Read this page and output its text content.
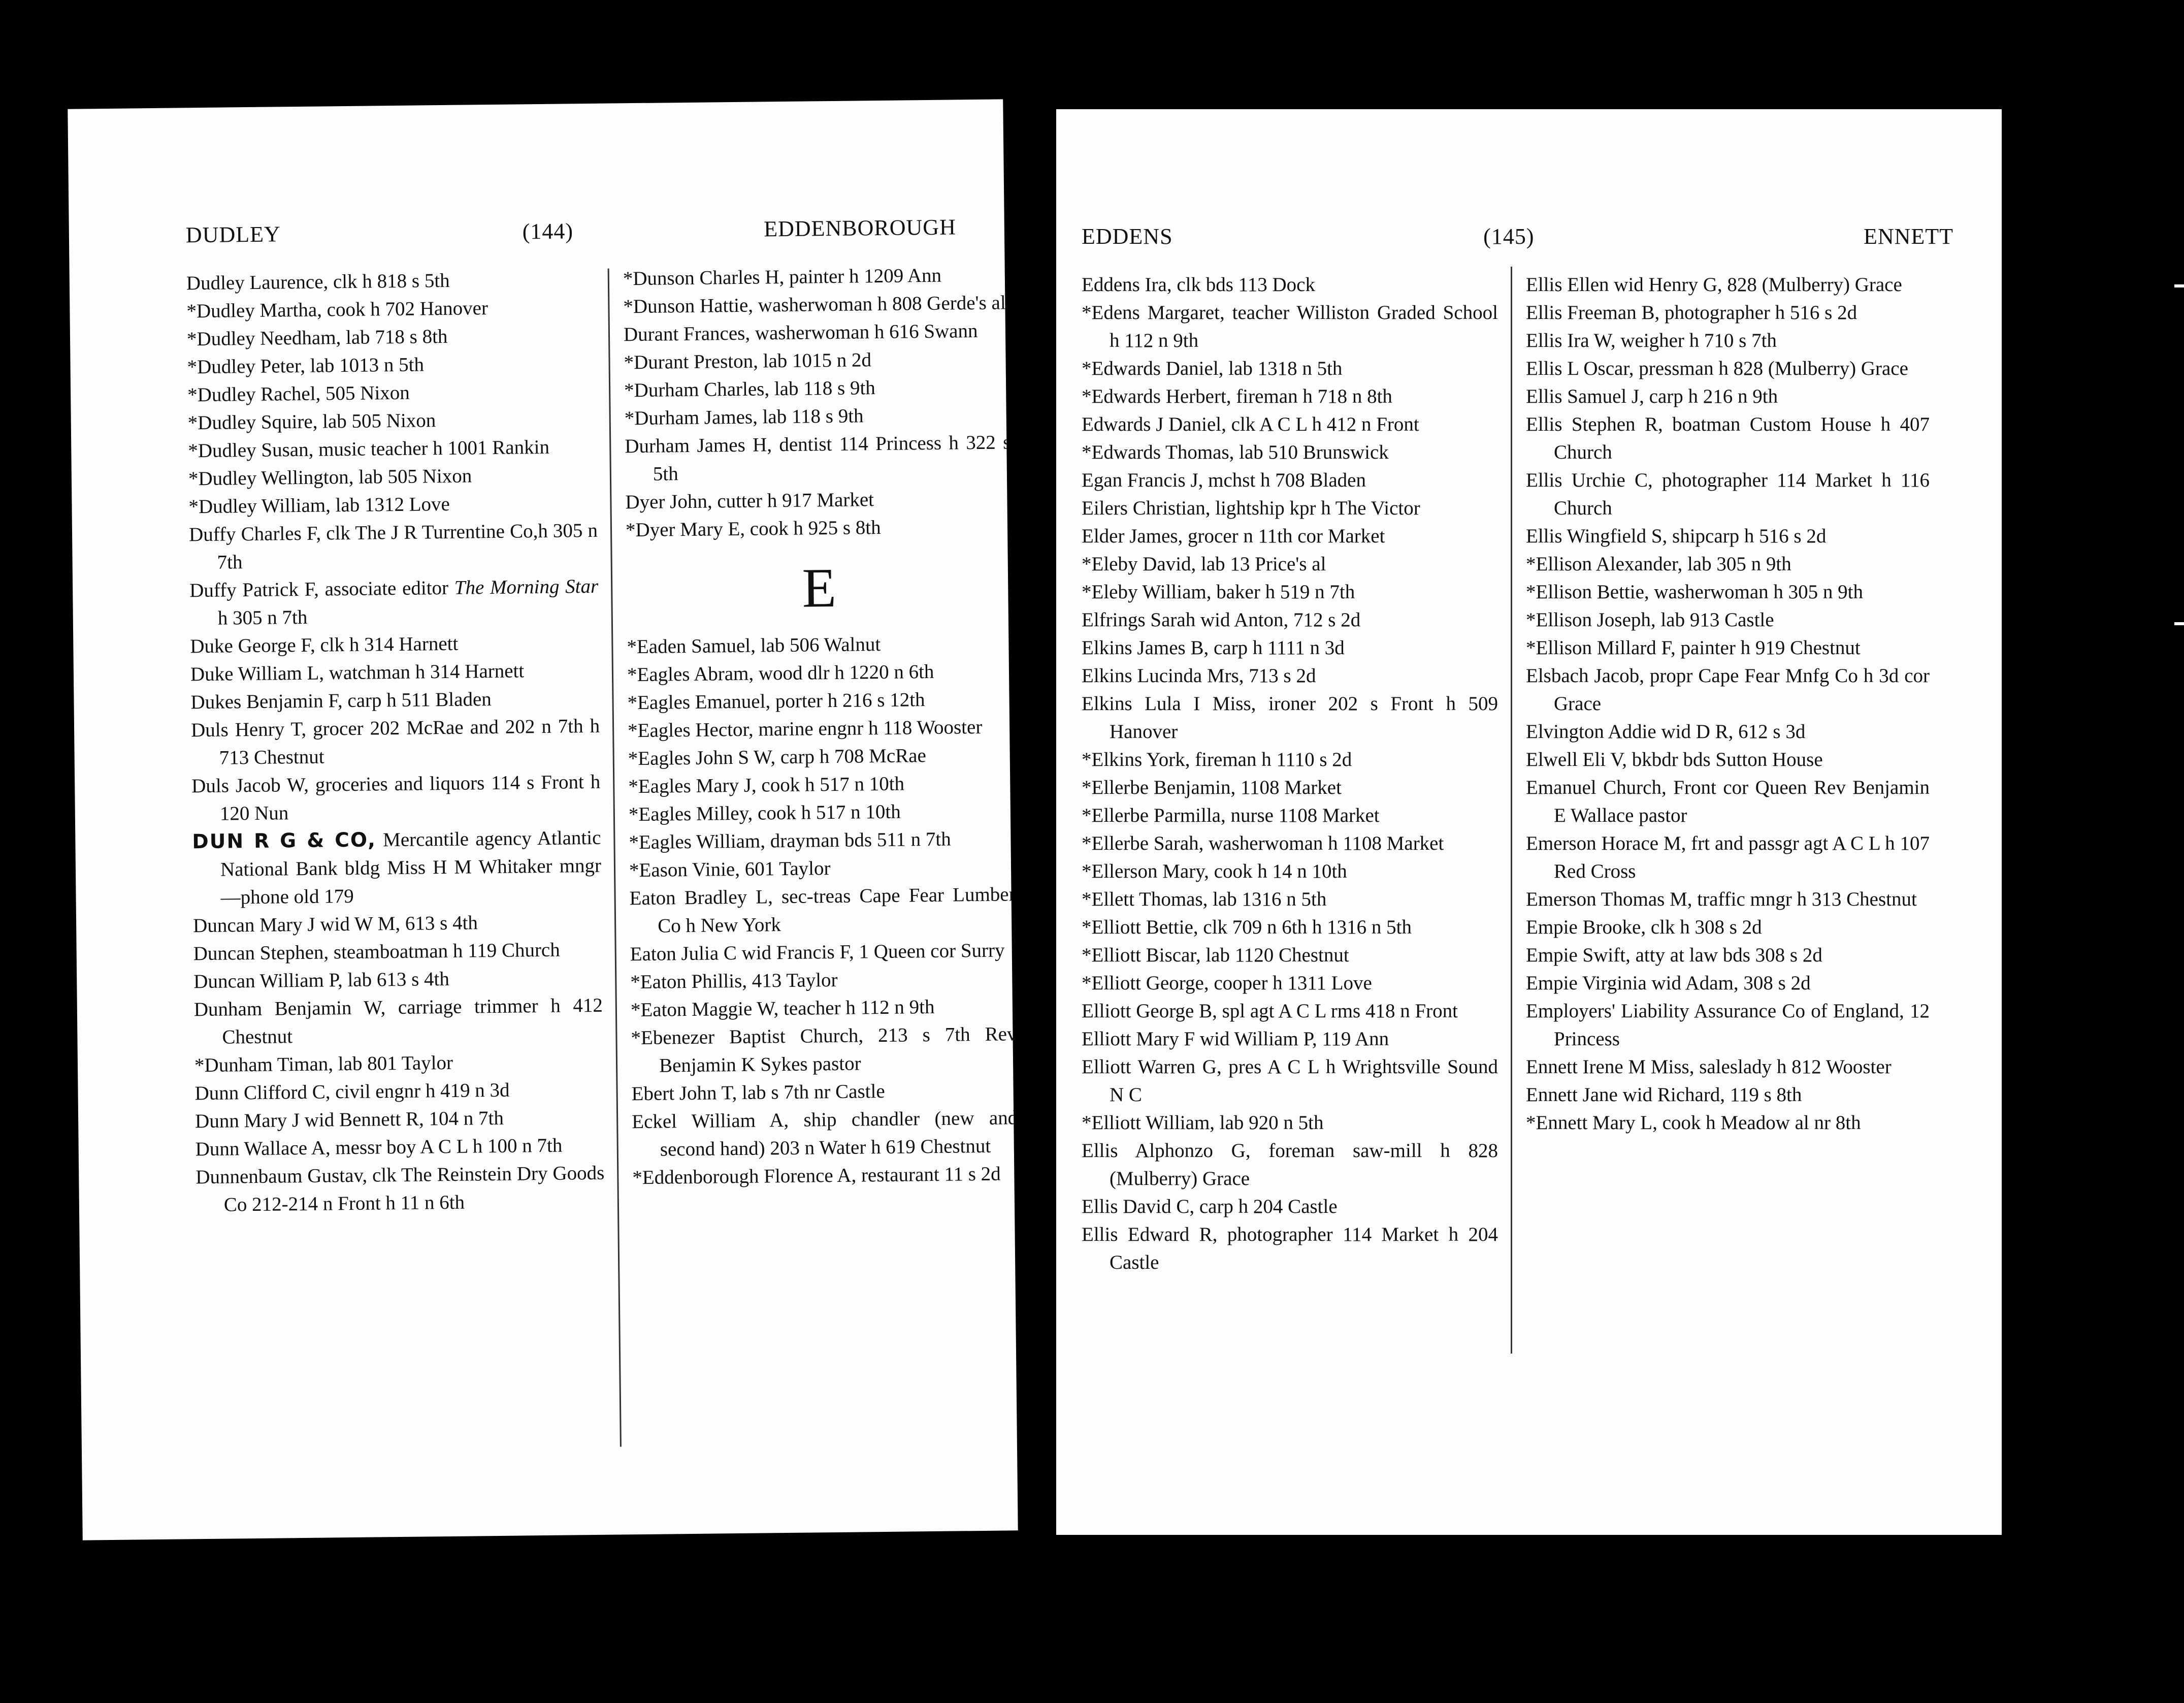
DUDLEY	(144)	EDDENBOROUGH

Dudley Laurence, clk h 818 s 5th

*Dudley Martha, cook h 702 Hanover

*Dudley Needham, lab 718 s 8th

*Dudley Peter, lab 1013 n 5th

*Dudley Rachel, 505 Nixon

*Dudley Squire, lab 505 Nixon

*Dudley Susan, music teacher h 1001 Rankin

*Dudley Wellington, lab 505 Nixon

*Dudley William, lab 1312 Love

Duffy Charles F, clk The J R Turrentine Co,h 305 n 7th

Duffy Patrick F, associate editor The Morning Star h 305 n 7th

Duke George F, clk h 314 Harnett

Duke William L, watchman h 314 Harnett

Dukes Benjamin F, carp h 511 Bladen

Duls Henry T, grocer 202 McRae and 202 n 7th h 713 Chestnut

Duls Jacob W, groceries and liquors 114 s Front h 120 Nun

DUN R G & CO, Mercantile agency Atlantic National Bank bldg Miss H M Whitaker mngr—phone old 179

Duncan Mary J wid W M, 613 s 4th

Duncan Stephen, steamboatman h 119 Church

Duncan William P, lab 613 s 4th

Dunham Benjamin W, carriage trimmer h 412 Chestnut

*Dunham Timan, lab 801 Taylor

Dunn Clifford C, civil engnr h 419 n 3d

Dunn Mary J wid Bennett R, 104 n 7th

Dunn Wallace A, messr boy A C L h 100 n 7th

Dunnenbaum Gustav, clk The Reinstein Dry Goods Co 212-214 n Front h 11 n 6th

*Dunson Charles H, painter h 1209 Ann

*Dunson Hattie, washerwoman h 808 Gerde's al

Durant Frances, washerwoman h 616 Swann

*Durant Preston, lab 1015 n 2d

*Durham Charles, lab 118 s 9th

*Durham James, lab 118 s 9th

Durham James H, dentist 114 Princess h 322 s 5th

Dyer John, cutter h 917 Market

*Dyer Mary E, cook h 925 s 8th

E

*Eaden Samuel, lab 506 Walnut

*Eagles Abram, wood dlr h 1220 n 6th

*Eagles Emanuel, porter h 216 s 12th

*Eagles Hector, marine engnr h 118 Wooster

*Eagles John S W, carp h 708 McRae

*Eagles Mary J, cook h 517 n 10th

*Eagles Milley, cook h 517 n 10th

*Eagles William, drayman bds 511 n 7th

*Eason Vinie, 601 Taylor

Eaton Bradley L, sec-treas Cape Fear Lumber Co h New York

Eaton Julia C wid Francis F, 1 Queen cor Surry

*Eaton Phillis, 413 Taylor

*Eaton Maggie W, teacher h 112 n 9th

*Ebenezer Baptist Church, 213 s 7th Rev Benjamin K Sykes pastor

Ebert John T, lab s 7th nr Castle

Eckel William A, ship chandler (new and second hand) 203 n Water h 619 Chestnut

*Eddenborough Florence A, restaurant 11 s 2d

EDDENS	(145)	ENNETT

Eddens Ira, clk bds 113 Dock

*Edens Margaret, teacher Williston Graded School h 112 n 9th

*Edwards Daniel, lab 1318 n 5th

*Edwards Herbert, fireman h 718 n 8th

Edwards J Daniel, clk A C L h 412 n Front

*Edwards Thomas, lab 510 Brunswick

Egan Francis J, mchst h 708 Bladen

Eilers Christian, lightship kpr h The Victor

Elder James, grocer n 11th cor Market

*Eleby David, lab 13 Price's al

*Eleby William, baker h 519 n 7th

Elfrings Sarah wid Anton, 712 s 2d

Elkins James B, carp h 1111 n 3d

Elkins Lucinda Mrs, 713 s 2d

Elkins Lula I Miss, ironer 202 s Front h 509 Hanover

*Elkins York, fireman h 1110 s 2d

*Ellerbe Benjamin, 1108 Market

*Ellerbe Parmilla, nurse 1108 Market

*Ellerbe Sarah, washerwoman h 1108 Market

*Ellerson Mary, cook h 14 n 10th

*Ellett Thomas, lab 1316 n 5th

*Elliott Bettie, clk 709 n 6th h 1316 n 5th

*Elliott Biscar, lab 1120 Chestnut

*Elliott George, cooper h 1311 Love

Elliott George B, spl agt A C L rms 418 n Front

Elliott Mary F wid William P, 119 Ann

Elliott Warren G, pres A C L h Wrightsville Sound N C

*Elliott William, lab 920 n 5th

Ellis Alphonzo G, foreman saw-mill h 828 (Mulberry) Grace

Ellis David C, carp h 204 Castle

Ellis Edward R, photographer 114 Market h 204 Castle

Ellis Ellen wid Henry G, 828 (Mulberry) Grace

Ellis Freeman B, photographer h 516 s 2d

Ellis Ira W, weigher h 710 s 7th

Ellis L Oscar, pressman h 828 (Mulberry) Grace

Ellis Samuel J, carp h 216 n 9th

Ellis Stephen R, boatman Custom House h 407 Church

Ellis Urchie C, photographer 114 Market h 116 Church

Ellis Wingfield S, shipcarp h 516 s 2d

*Ellison Alexander, lab 305 n 9th

*Ellison Bettie, washerwoman h 305 n 9th

*Ellison Joseph, lab 913 Castle

*Ellison Millard F, painter h 919 Chestnut

Elsbach Jacob, propr Cape Fear Mnfg Co h 3d cor Grace

Elvington Addie wid D R, 612 s 3d

Elwell Eli V, bkbdr bds Sutton House

Emanuel Church, Front cor Queen Rev Benjamin E Wallace pastor

Emerson Horace M, frt and passgr agt A C L h 107 Red Cross

Emerson Thomas M, traffic mngr h 313 Chestnut

Empie Brooke, clk h 308 s 2d

Empie Swift, atty at law bds 308 s 2d

Empie Virginia wid Adam, 308 s 2d

Employers' Liability Assurance Co of England, 12 Princess

Ennett Irene M Miss, saleslady h 812 Wooster

Ennett Jane wid Richard, 119 s 8th

*Ennett Mary L, cook h Meadow al nr 8th
